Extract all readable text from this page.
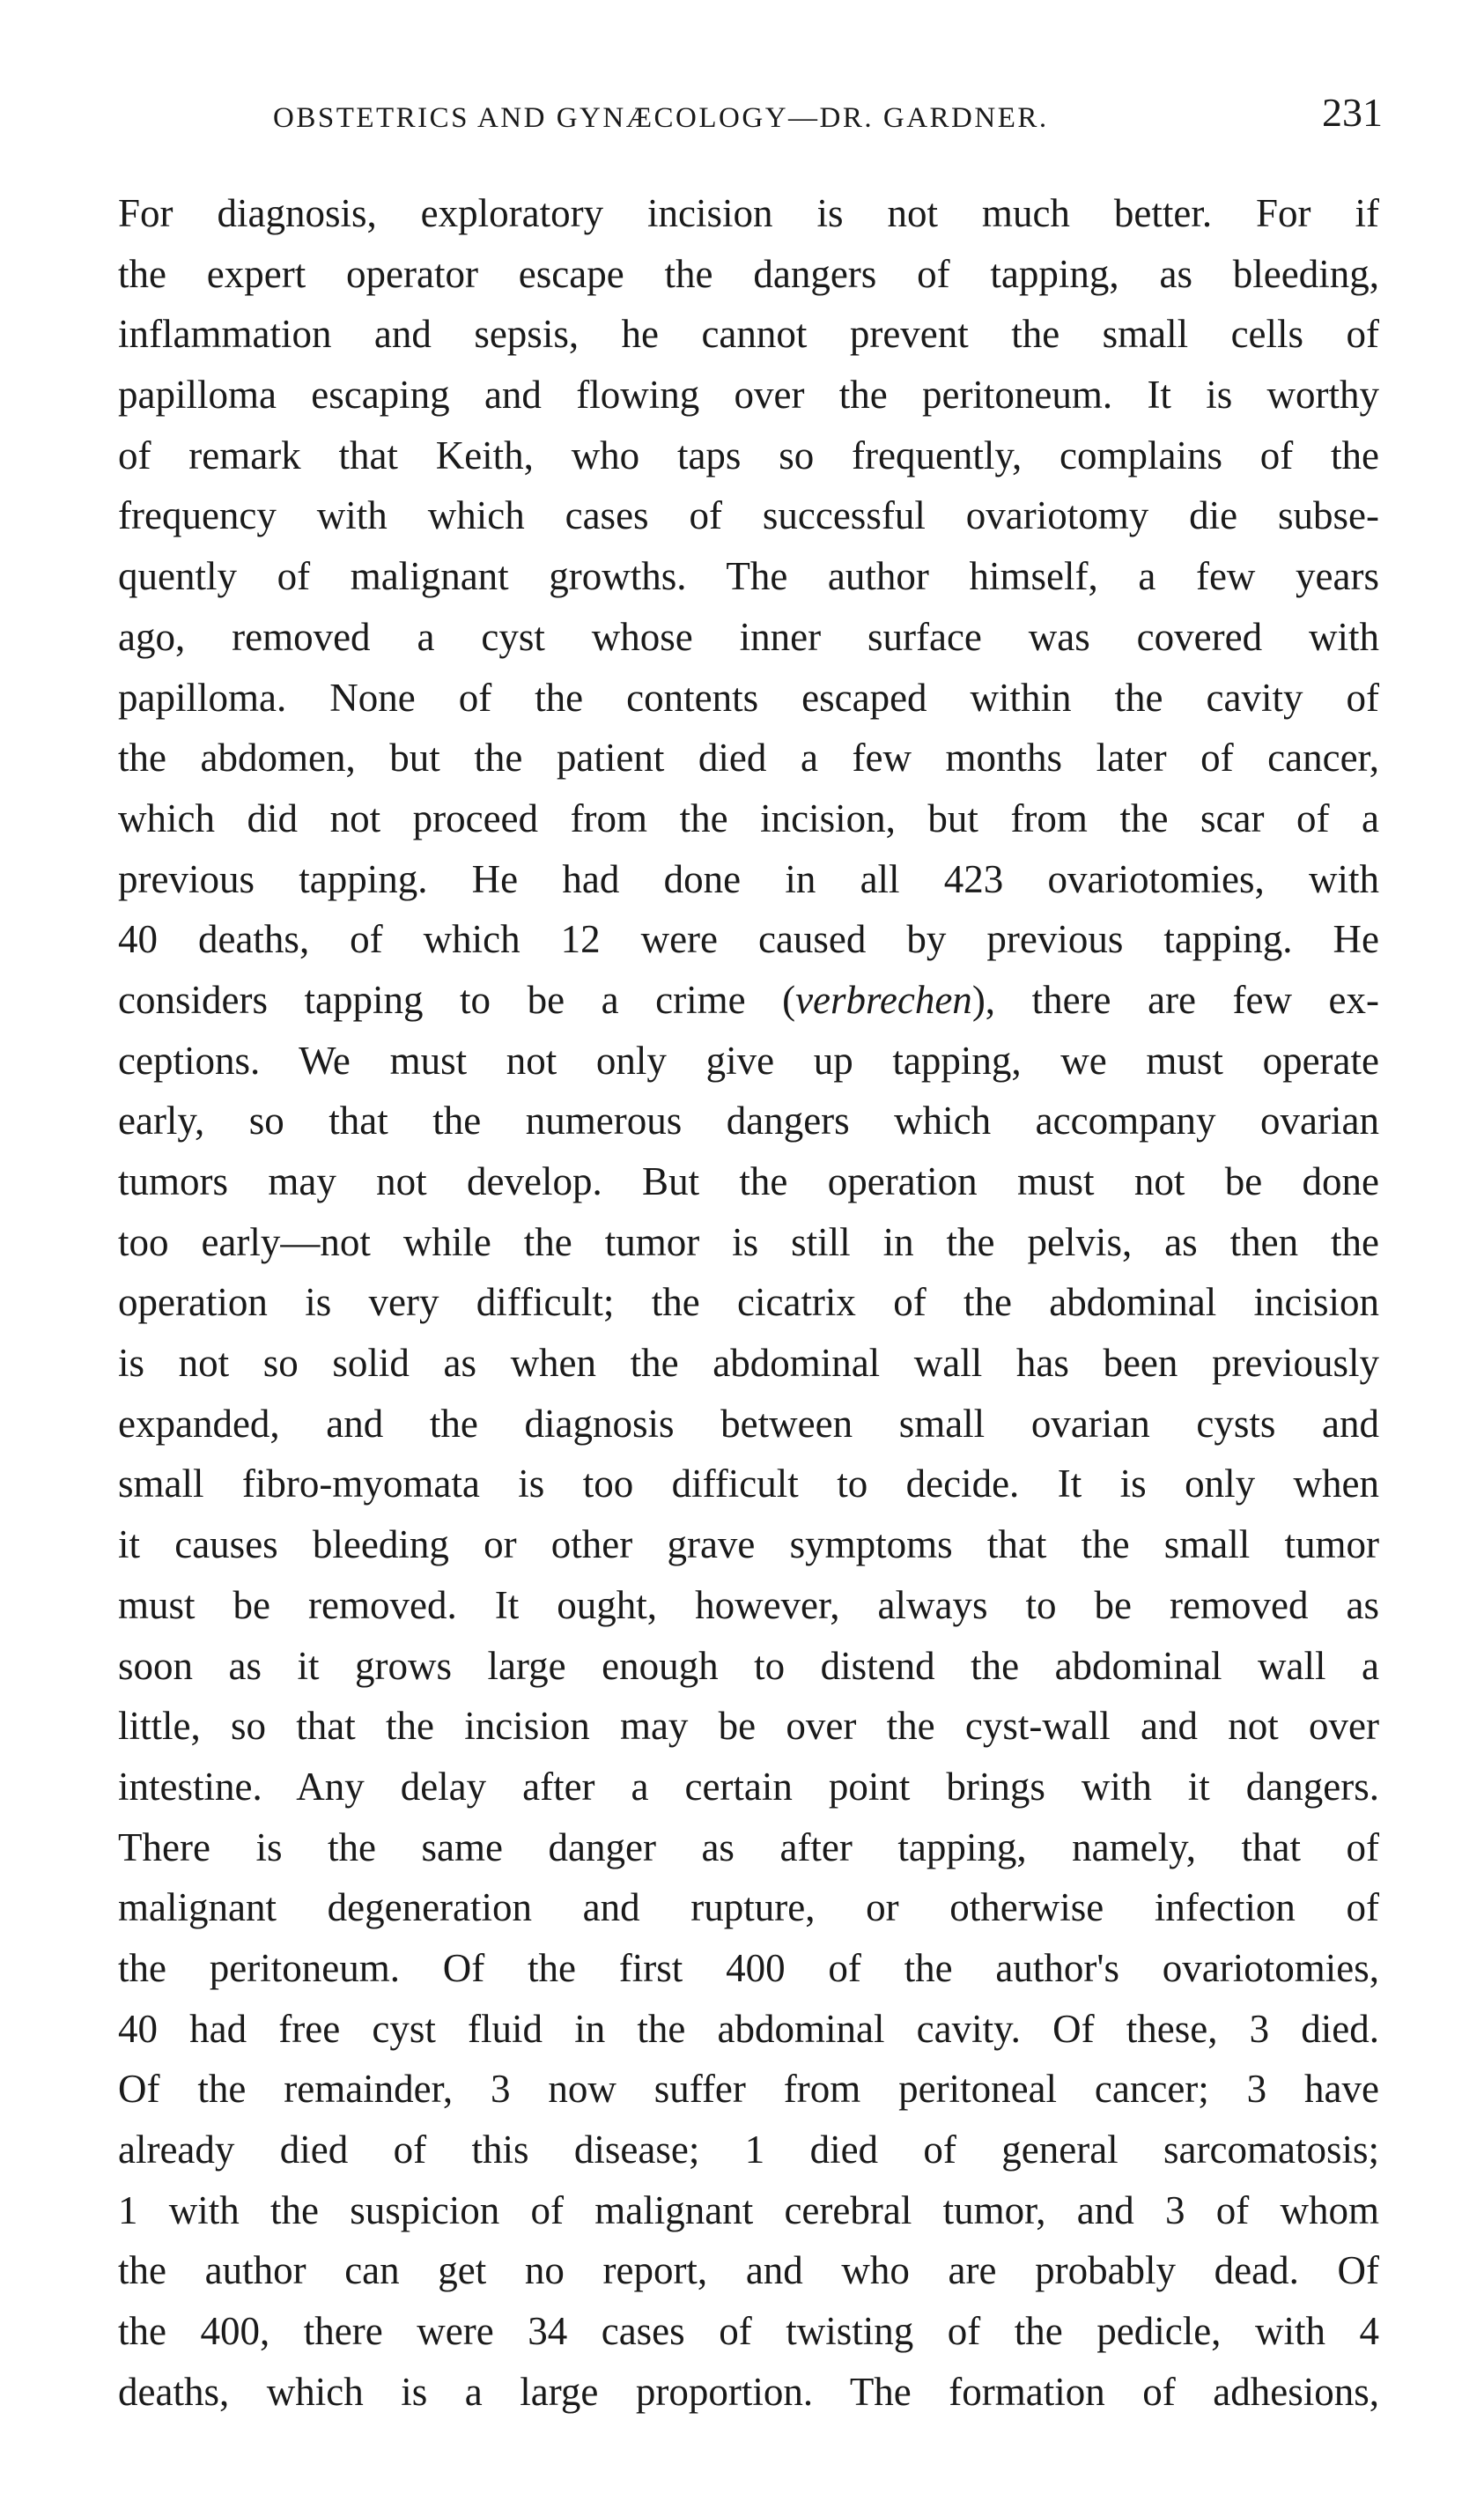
OBSTETRICS AND GYNÆCOLOGY—DR. GARDNER.	231
For diagnosis, exploratory incision is not much better. For if
the expert operator escape the dangers of tapping, as bleeding,
inflammation and sepsis, he cannot prevent the small cells of
papilloma escaping and flowing over the peritoneum. It is worthy
of remark that Keith, who taps so frequently, complains of the
frequency with which cases of successful ovariotomy die subse-
quently of malignant growths. The author himself, a few years
ago, removed a cyst whose inner surface was covered with
papilloma. None of the contents escaped within the cavity of
the abdomen, but the patient died a few months later of cancer,
which did not proceed from the incision, but from the scar of a
previous tapping. He had done in all 423 ovariotomies, with
40 deaths, of which 12 were caused by previous tapping. He
considers tapping to be a crime (verbrechen), there are few ex-
ceptions. We must not only give up tapping, we must operate
early, so that the numerous dangers which accompany ovarian
tumors may not develop. But the operation must not be done
too early—not while the tumor is still in the pelvis, as then the
operation is very difficult; the cicatrix of the abdominal incision
is not so solid as when the abdominal wall has been previously
expanded, and the diagnosis between small ovarian cysts and
small fibro-myomata is too difficult to decide. It is only when
it causes bleeding or other grave symptoms that the small tumor
must be removed. It ought, however, always to be removed as
soon as it grows large enough to distend the abdominal wall a
little, so that the incision may be over the cyst-wall and not over
intestine. Any delay after a certain point brings with it dangers.
There is the same danger as after tapping, namely, that of
malignant degeneration and rupture, or otherwise infection of
the peritoneum. Of the first 400 of the author's ovariotomies,
40 had free cyst fluid in the abdominal cavity. Of these, 3 died.
Of the remainder, 3 now suffer from peritoneal cancer; 3 have
already died of this disease; 1 died of general sarcomatosis;
1 with the suspicion of malignant cerebral tumor, and 3 of whom
the author can get no report, and who are probably dead. Of
the 400, there were 34 cases of twisting of the pedicle, with 4
deaths, which is a large proportion. The formation of adhesions,
